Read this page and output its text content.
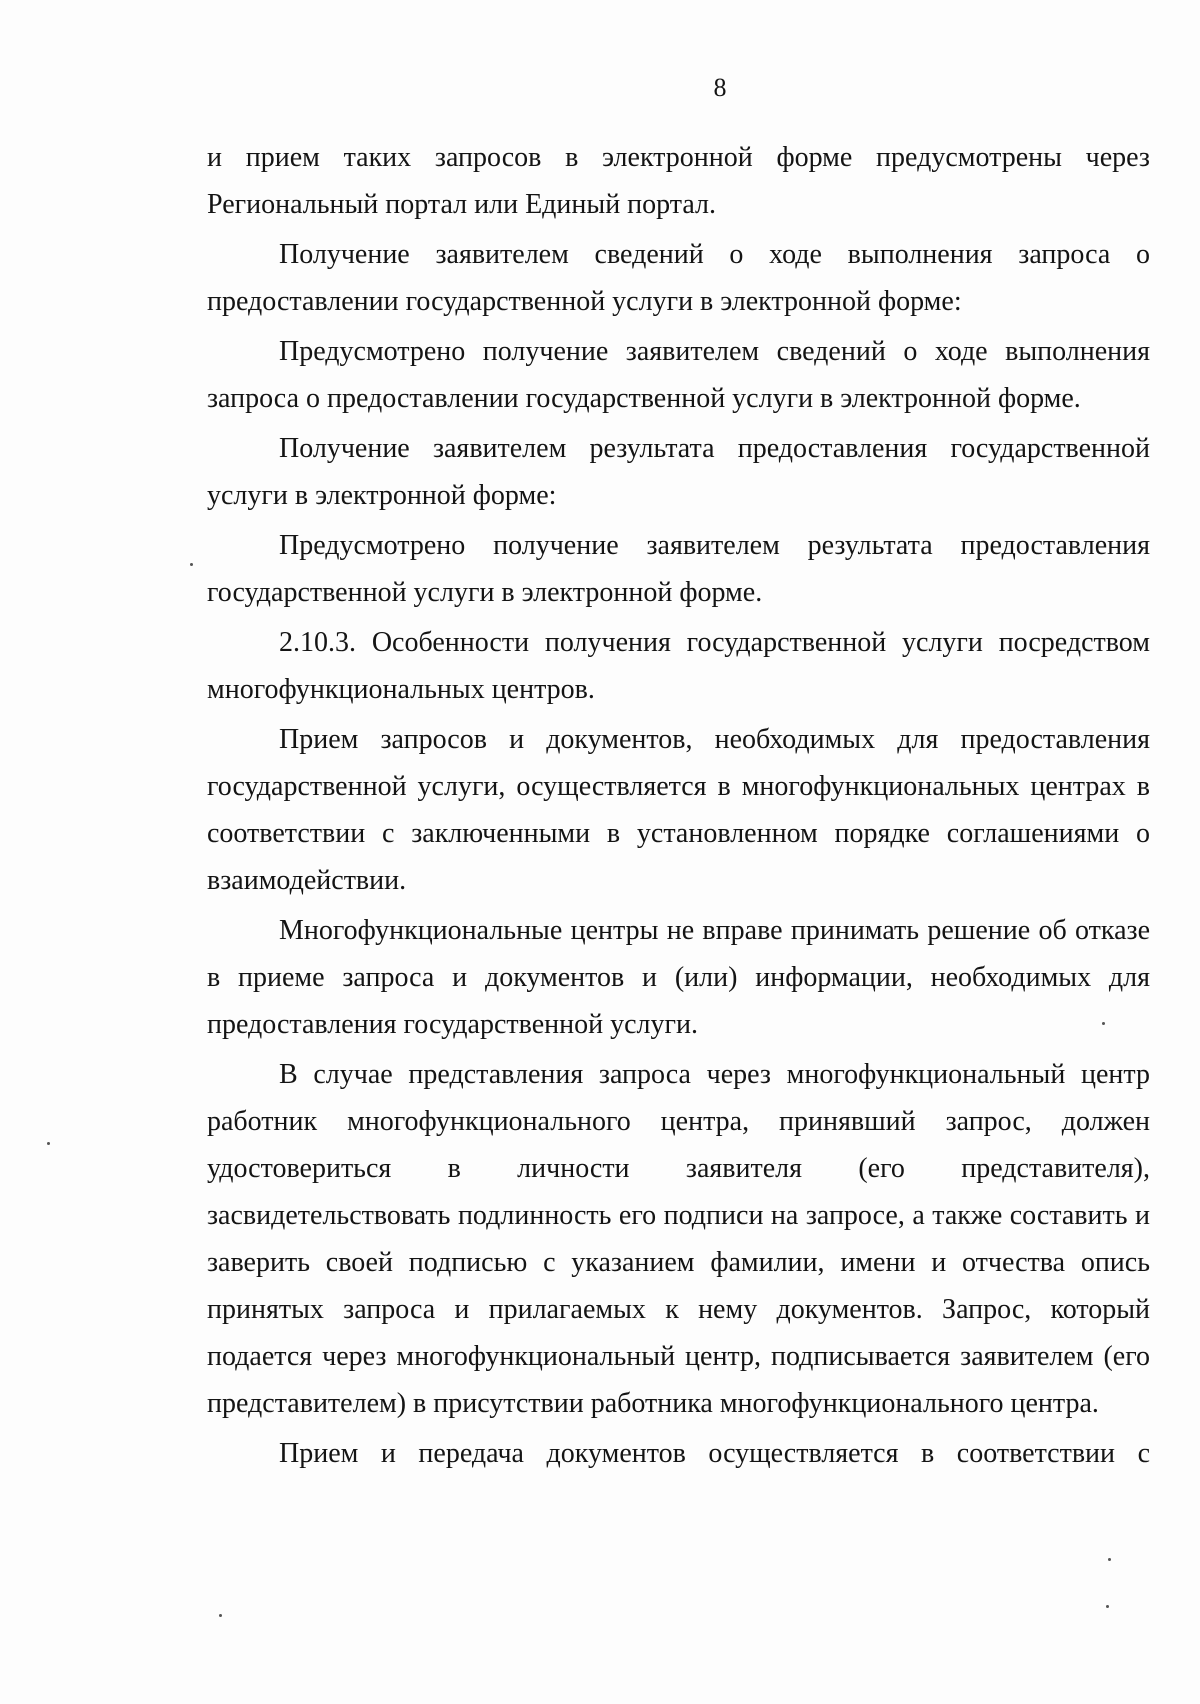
8

и прием таких запросов в электронной форме предусмотрены через Региональный портал или Единый портал.

Получение заявителем сведений о ходе выполнения запроса о предоставлении государственной услуги в электронной форме:

Предусмотрено получение заявителем сведений о ходе выполнения запроса о предоставлении государственной услуги в электронной форме.

Получение заявителем результата предоставления государственной услуги в электронной форме:

Предусмотрено получение заявителем результата предоставления государственной услуги в электронной форме.

2.10.3. Особенности получения государственной услуги посредством многофункциональных центров.

Прием запросов и документов, необходимых для предоставления государственной услуги, осуществляется в многофункциональных центрах в соответствии с заключенными в установленном порядке соглашениями о взаимодействии.

Многофункциональные центры не вправе принимать решение об отказе в приеме запроса и документов и (или) информации, необходимых для предоставления государственной услуги.

В случае представления запроса через многофункциональный центр работник многофункционального центра, принявший запрос, должен удостовериться в личности заявителя (его представителя), засвидетельствовать подлинность его подписи на запросе, а также составить и заверить своей подписью с указанием фамилии, имени и отчества опись принятых запроса и прилагаемых к нему документов. Запрос, который подается через многофункциональный центр, подписывается заявителем (его представителем) в присутствии работника многофункционального центра.

Прием и передача документов осуществляется в соответствии с
